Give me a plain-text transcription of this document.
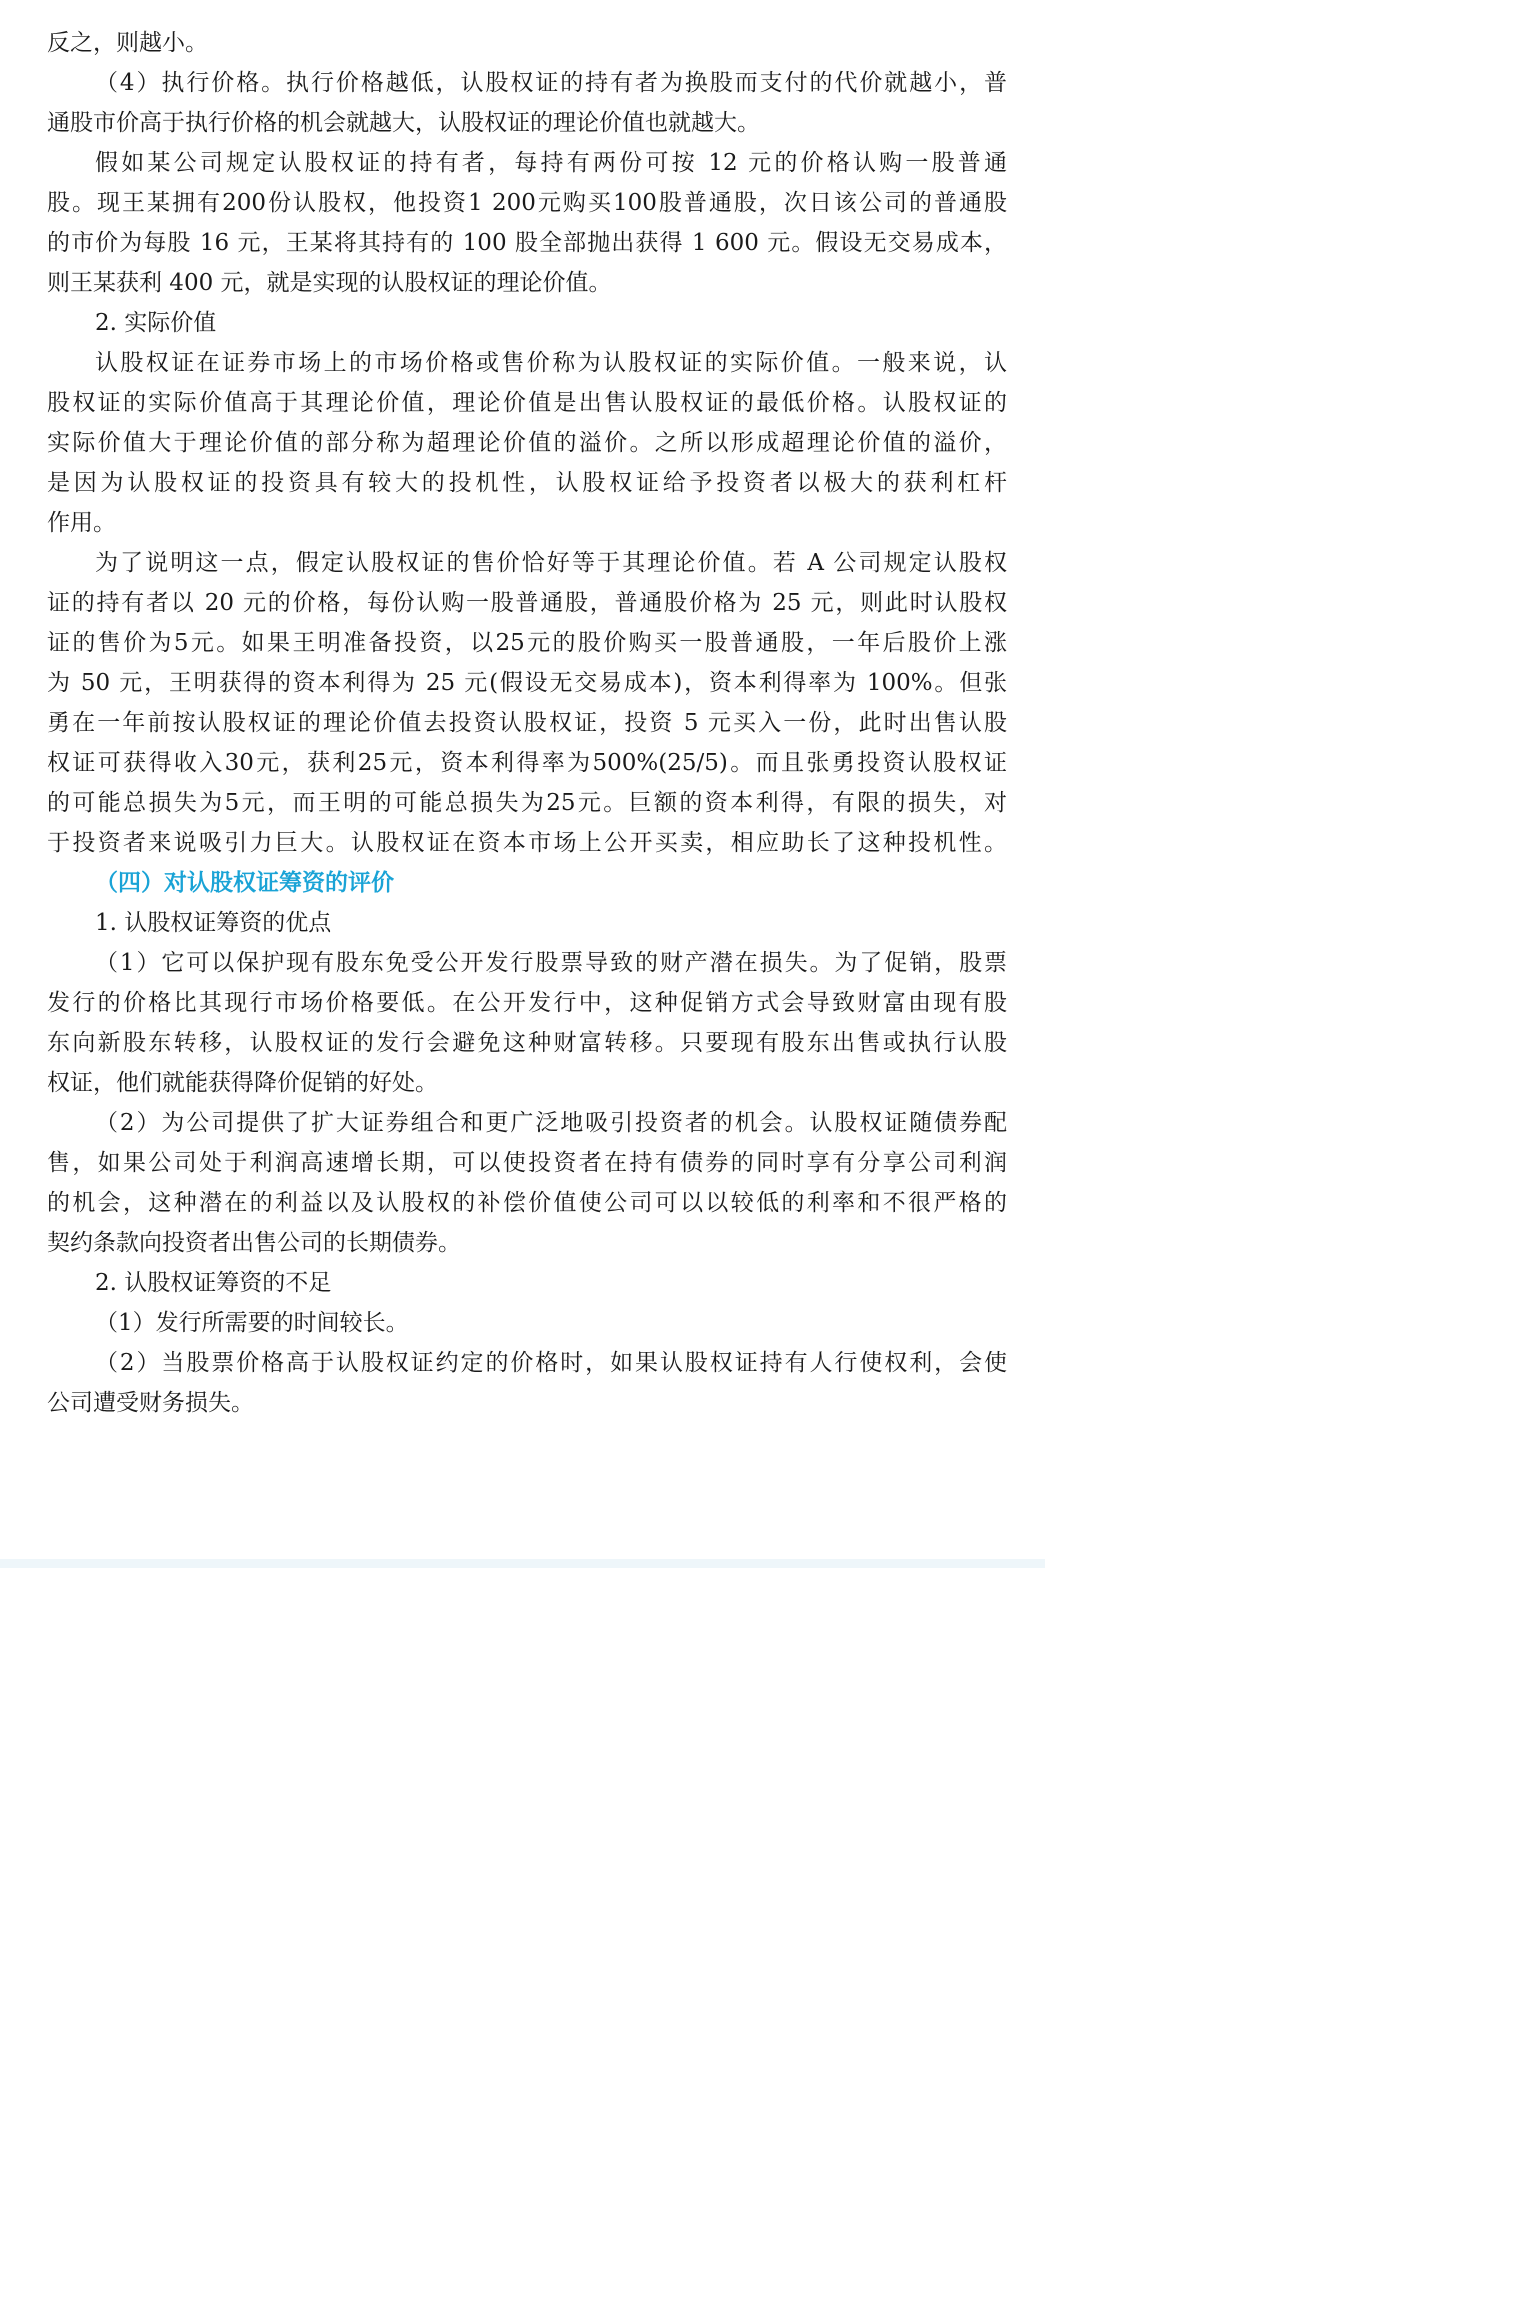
反之，则越小。
（4）执行价格。执行价格越低，认股权证的持有者为换股而支付的代价就越小，普
通股市价高于执行价格的机会就越大，认股权证的理论价值也就越大。
假如某公司规定认股权证的持有者，每持有两份可按 12 元的价格认购一股普通
股。现王某拥有200份认股权，他投资1 200元购买100股普通股，次日该公司的普通股
的市价为每股 16 元，王某将其持有的 100 股全部抛出获得 1 600 元。假设无交易成本，
则王某获利 400 元，就是实现的认股权证的理论价值。
2. 实际价值
认股权证在证券市场上的市场价格或售价称为认股权证的实际价值。一般来说，认
股权证的实际价值高于其理论价值，理论价值是出售认股权证的最低价格。认股权证的
实际价值大于理论价值的部分称为超理论价值的溢价。之所以形成超理论价值的溢价，
是因为认股权证的投资具有较大的投机性，认股权证给予投资者以极大的获利杠杆
作用。
为了说明这一点，假定认股权证的售价恰好等于其理论价值。若 A 公司规定认股权
证的持有者以 20 元的价格，每份认购一股普通股，普通股价格为 25 元，则此时认股权
证的售价为5元。如果王明准备投资，以25元的股价购买一股普通股，一年后股价上涨
为 50 元，王明获得的资本利得为 25 元(假设无交易成本)，资本利得率为 100%。但张
勇在一年前按认股权证的理论价值去投资认股权证，投资 5 元买入一份，此时出售认股
权证可获得收入30元，获利25元，资本利得率为500%(25/5)。而且张勇投资认股权证
的可能总损失为5元，而王明的可能总损失为25元。巨额的资本利得，有限的损失，对
于投资者来说吸引力巨大。认股权证在资本市场上公开买卖，相应助长了这种投机性。
（四）对认股权证筹资的评价
1. 认股权证筹资的优点
（1）它可以保护现有股东免受公开发行股票导致的财产潜在损失。为了促销，股票
发行的价格比其现行市场价格要低。在公开发行中，这种促销方式会导致财富由现有股
东向新股东转移，认股权证的发行会避免这种财富转移。只要现有股东出售或执行认股
权证，他们就能获得降价促销的好处。
（2）为公司提供了扩大证券组合和更广泛地吸引投资者的机会。认股权证随债券配
售，如果公司处于利润高速增长期，可以使投资者在持有债券的同时享有分享公司利润
的机会，这种潜在的利益以及认股权的补偿价值使公司可以以较低的利率和不很严格的
契约条款向投资者出售公司的长期债券。
2. 认股权证筹资的不足
（1）发行所需要的时间较长。
（2）当股票价格高于认股权证约定的价格时，如果认股权证持有人行使权利，会使
公司遭受财务损失。
